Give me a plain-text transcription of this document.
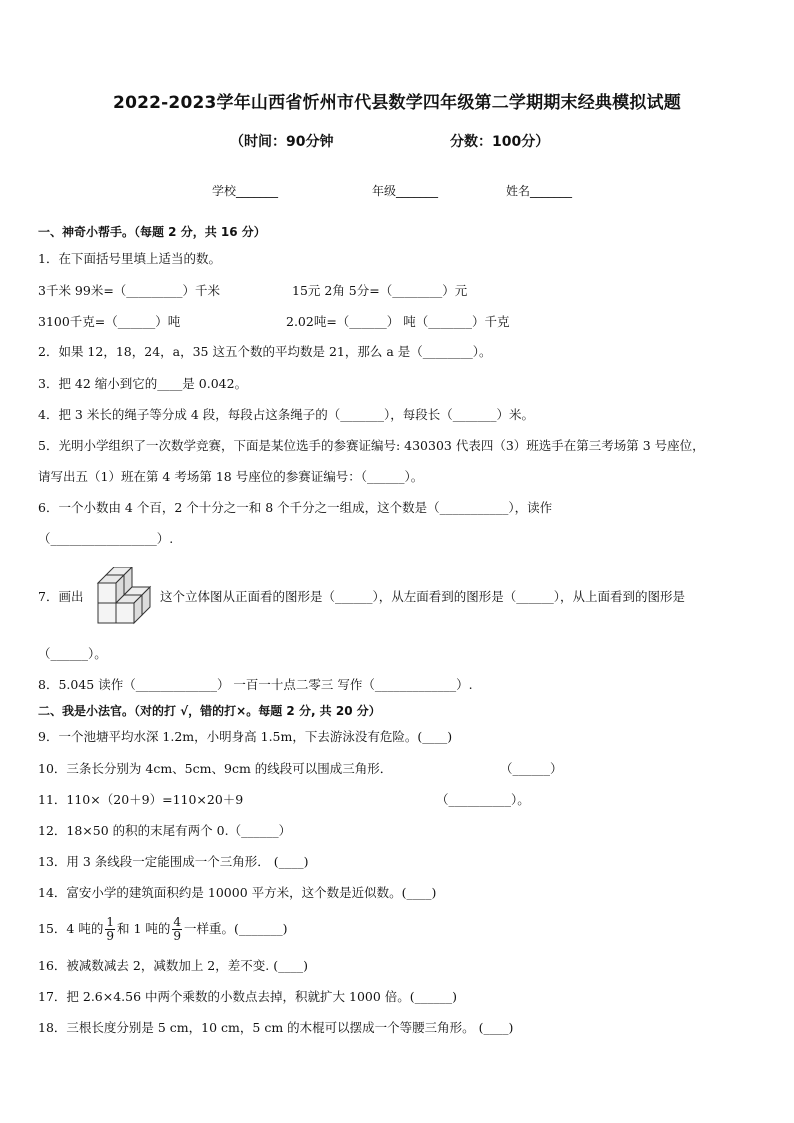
2022-2023学年山西省忻州市代县数学四年级第二学期期末经典模拟试题
（时间：90分钟	分数：100分）
学校_______	年级_______	姓名_______
一、神奇小帮手。（每题 2 分，共 16 分）
1．在下面括号里填上适当的数。
3千米 99米=（_________）千米	15元 2角 5分=（________）元
3100千克=（______）吨	2.02吨=（______） 吨（_______）千克
2．如果 12，18，24，a，35 这五个数的平均数是 21，那么 a 是（________）。
3．把 42 缩小到它的____是 0.042。
4．把 3 米长的绳子等分成 4 段，每段占这条绳子的（_______），每段长（_______）米。
5．光明小学组织了一次数学竞赛，下面是某位选手的参赛证编号: 430303 代表四（3）班选手在第三考场第 3 号座位，
请写出五（1）班在第 4 考场第 18 号座位的参赛证编号：（______）。
6．一个小数由 4 个百，2 个十分之一和 8 个千分之一组成，这个数是（___________），读作
（_________________）.
7．画出	这个立体图从正面看的图形是（______），从左面看到的图形是（______），从上面看到的图形是
（______）。
8．5.045 读作（_____________） 一百一十点二零三 写作（_____________）.
二、我是小法官。（对的打 √，错的打×。每题 2 分, 共 20 分）
9．一个池塘平均水深 1.2m，小明身高 1.5m，下去游泳没有危险。(____)
10．三条长分别为 4cm、5cm、9cm 的线段可以围成三角形．	（______）
11．110×（20＋9）=110×20＋9	（__________）。
12．18×50 的积的末尾有两个 0.（______）
13．用 3 条线段一定能围成一个三角形． (____)
14．富安小学的建筑面积约是 10000 平方米，这个数是近似数。(____)
15．4 吨的 $\frac{1}{9}$ 和 1 吨的 $\frac{4}{9}$ 一样重。(_______)
16．被减数减去 2，减数加上 2，差不变. (____)
17．把 2.6×4.56 中两个乘数的小数点去掉，积就扩大 1000 倍。(______)
18．三根长度分别是 5 cm，10 cm，5 cm 的木棍可以摆成一个等腰三角形。 (____)
